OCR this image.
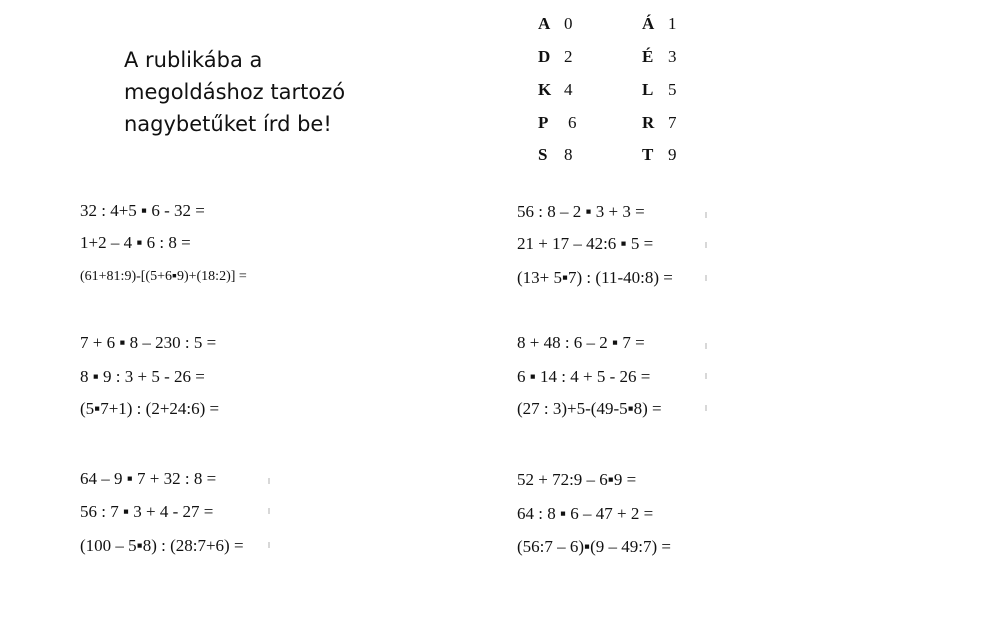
A rublikába a
megoldáshoz tartozó
nagybetűket írd be!
A 0	Á 1
D 2	É 3
K 4	L 5
P 6	R 7
S 8	T 9
32 : 4+5 ▪ 6 - 32 =
1+2 – 4 ▪ 6 : 8 =
(61+81:9)-[(5+6▪9)+(18:2)] =
7 + 6 ▪ 8 – 230 : 5 =
8 ▪ 9 : 3 + 5 - 26 =
(5▪7+1) : (2+24:6) =
64 – 9 ▪ 7 + 32 : 8 =
56 : 7 ▪ 3 + 4 - 27 =
(100 – 5▪8) : (28:7+6) =
56 : 8 – 2 ▪ 3 + 3 =
21 + 17 – 42:6 ▪ 5 =
(13+ 5▪7) : (11-40:8) =
8 + 48 : 6 – 2 ▪ 7 =
6 ▪ 14 : 4 + 5 - 26 =
(27 : 3)+5-(49-5▪8) =
52 + 72:9 – 6▪9 =
64 : 8 ▪ 6 – 47 + 2 =
(56:7 – 6)▪(9 – 49:7) =
